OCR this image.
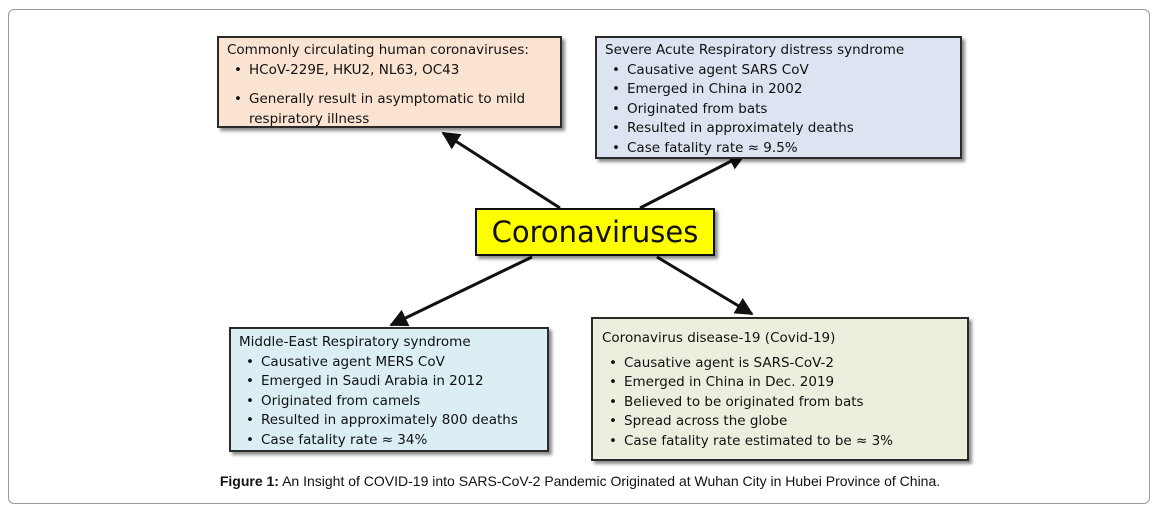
Commonly circulating human coronaviruses:
• HCoV-229E, HKU2, NL63, OC43
• Generally result in asymptomatic to mild respiratory illness
Severe Acute Respiratory distress syndrome
• Causative agent SARS CoV
• Emerged in China in 2002
• Originated from bats
• Resulted in approximately deaths
• Case fatality rate ≈ 9.5%
Coronaviruses
Middle-East Respiratory syndrome
• Causative agent MERS CoV
• Emerged in Saudi Arabia in 2012
• Originated from camels
• Resulted in approximately 800 deaths
• Case fatality rate ≈ 34%
Coronavirus disease-19 (Covid-19)
• Causative agent is SARS-CoV-2
• Emerged in China in Dec. 2019
• Believed to be originated from bats
• Spread across the globe
• Case fatality rate estimated to be ≈ 3%
Figure 1: An Insight of COVID-19 into SARS-CoV-2 Pandemic Originated at Wuhan City in Hubei Province of China.
